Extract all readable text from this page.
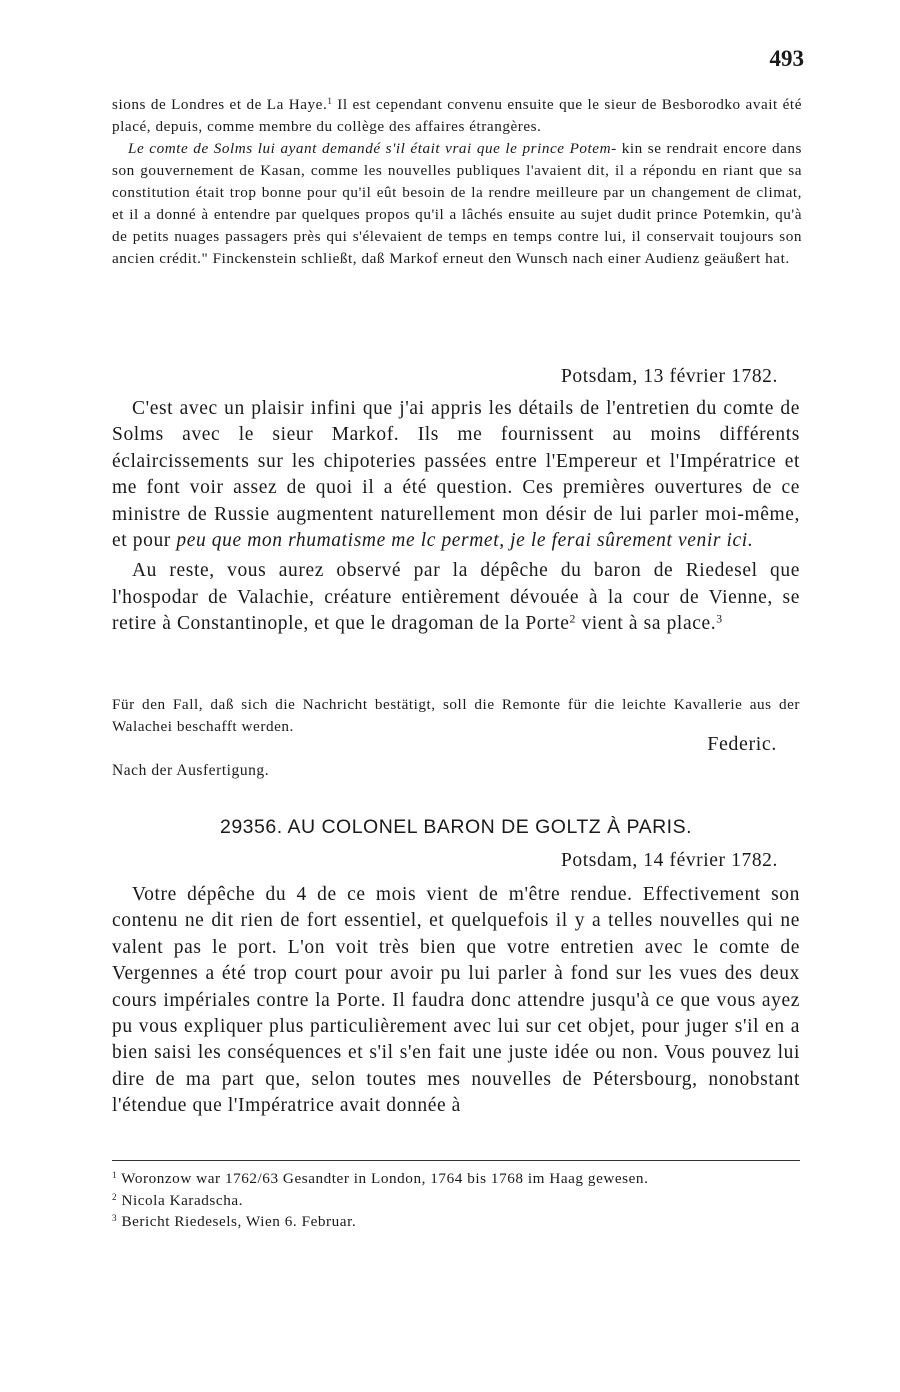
493

sions de Londres et de La Haye.$^1$ Il est cependant convenu ensuite que le sieur de Besborodko avait été placé, depuis, comme membre du collège des affaires étrangères.

Le comte de Solms lui ayant demandé s'il était vrai que le prince Potem- kin se rendrait encore dans son gouvernement de Kasan, comme les nouvelles publiques l'avaient dit, il a répondu en riant que sa constitution était trop bonne pour qu'il eût besoin de la rendre meilleure par un changement de climat, et il a donné à entendre par quelques propos qu'il a lâchés ensuite au sujet dudit prince Potemkin, qu'à de petits nuages passagers près qui s'élevaient de temps en temps contre lui, il conservait toujours son ancien crédit." Finckenstein schließt, daß Markof erneut den Wunsch nach einer Audienz geäußert hat.

Potsdam, 13 février 1782.

C'est avec un plaisir infini que j'ai appris les détails de l'entretien du comte de Solms avec le sieur Markof. Ils me fournissent au moins différents éclaircissements sur les chipoteries passées entre l'Empereur et l'Impératrice et me font voir assez de quoi il a été question. Ces premières ouvertures de ce ministre de Russie augmentent naturellement mon désir de lui parler moi-même, et pour peu que mon rhumatisme me lc permet, je le ferai sûrement venir ici.

Au reste, vous aurez observé par la dépêche du baron de Riedesel que l'hospodar de Valachie, créature entièrement dévouée à la cour de Vienne, se retire à Constantinople, et que le dragoman de la Porte$^2$ vient à sa place.$^3$

Für den Fall, daß sich die Nachricht bestätigt, soll die Remonte für die leichte Kavallerie aus der Walachei beschafft werden.
Federic.
Nach der Ausfertigung.
29356. AU COLONEL BARON DE GOLTZ À PARIS.
Potsdam, 14 février 1782.

Votre dépêche du 4 de ce mois vient de m'être rendue. Effectivement son contenu ne dit rien de fort essentiel, et quelquefois il y a telles nouvelles qui ne valent pas le port. L'on voit très bien que votre entretien avec le comte de Vergennes a été trop court pour avoir pu lui parler à fond sur les vues des deux cours impériales contre la Porte. Il faudra donc attendre jusqu'à ce que vous ayez pu vous expliquer plus particulièrement avec lui sur cet objet, pour juger s'il en a bien saisi les conséquences et s'il s'en fait une juste idée ou non. Vous pouvez lui dire de ma part que, selon toutes mes nouvelles de Pétersbourg, nonobstant l'étendue que l'Impératrice avait donnée à

$^1$ Woronzow war 1762/63 Gesandter in London, 1764 bis 1768 im Haag gewesen.

$^2$ Nicola Karadscha.

$^3$ Bericht Riedesels, Wien 6. Februar.
